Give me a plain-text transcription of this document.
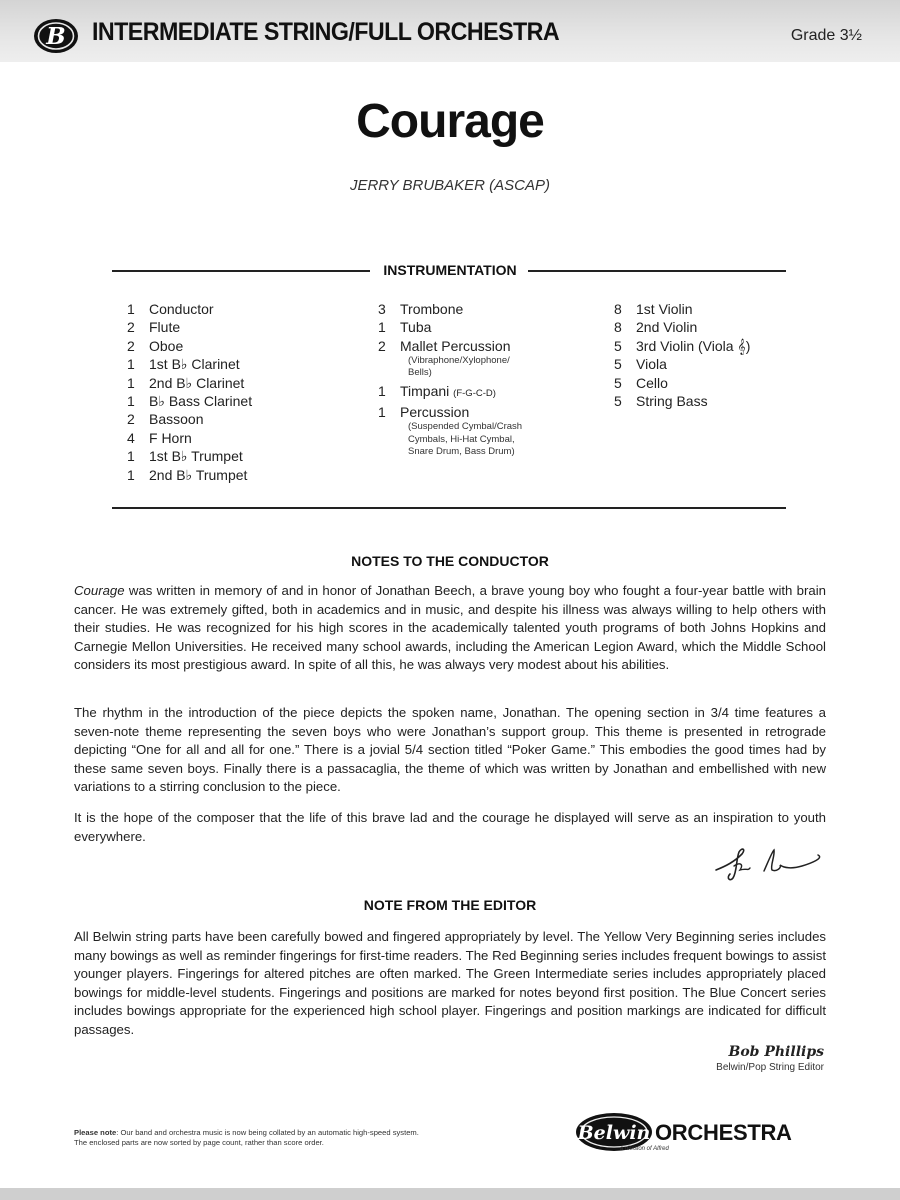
B INTERMEDIATE STRING/FULL ORCHESTRA	Grade 3½
Courage
JERRY BRUBAKER (ASCAP)
INSTRUMENTATION
1	Conductor
2	Flute
2	Oboe
1	1st B♭ Clarinet
1	2nd B♭ Clarinet
1	B♭ Bass Clarinet
2	Bassoon
4	F Horn
1	1st B♭ Trumpet
1	2nd B♭ Trumpet
3	Trombone
1	Tuba
2	Mallet Percussion
(Vibraphone/Xylophone/
Bells)
1	Timpani (F-G-C-D)
1	Percussion
(Suspended Cymbal/Crash
Cymbals, Hi-Hat Cymbal,
Snare Drum, Bass Drum)
8	1st Violin
8	2nd Violin
5	3rd Violin (Viola 𝄞)
5	Viola
5	Cello
5	String Bass
NOTES TO THE CONDUCTOR
Courage was written in memory of and in honor of Jonathan Beech, a brave young boy who fought a four-year battle with brain cancer. He was extremely gifted, both in academics and in music, and despite his illness was always willing to help others with their studies. He was recognized for his high scores in the academically talented youth programs of both Johns Hopkins and Carnegie Mellon Universities. He received many school awards, including the American Legion Award, which the Middle School considers its most prestigious award. In spite of all this, he was always very modest about his abilities.
The rhythm in the introduction of the piece depicts the spoken name, Jonathan. The opening section in 3/4 time features a seven-note theme representing the seven boys who were Jonathan’s support group. This theme is presented in retrograde depicting “One for all and all for one.” There is a jovial 5/4 section titled “Poker Game.” This embodies the good times had by these same seven boys. Finally there is a passacaglia, the theme of which was written by Jonathan and embellished with new variations to a stirring conclusion to the piece.
It is the hope of the composer that the life of this brave lad and the courage he displayed will serve as an inspiration to youth everywhere.
NOTE FROM THE EDITOR
All Belwin string parts have been carefully bowed and fingered appropriately by level. The Yellow Very Beginning series includes many bowings as well as reminder fingerings for first-time readers. The Red Beginning series includes frequent bowings to assist younger players. Fingerings for altered pitches are often marked. The Green Intermediate series includes appropriately placed bowings for middle-level students. Fingerings and positions are marked for notes beyond first position. The Blue Concert series includes bowings appropriate for the experienced high school player. Fingerings and position markings are indicated for difficult passages.
Bob Phillips
Belwin/Pop String Editor
Please note: Our band and orchestra music is now being collated by an automatic high-speed system.
The enclosed parts are now sorted by page count, rather than score order.	Belwin ORCHESTRA
a division of Alfred
